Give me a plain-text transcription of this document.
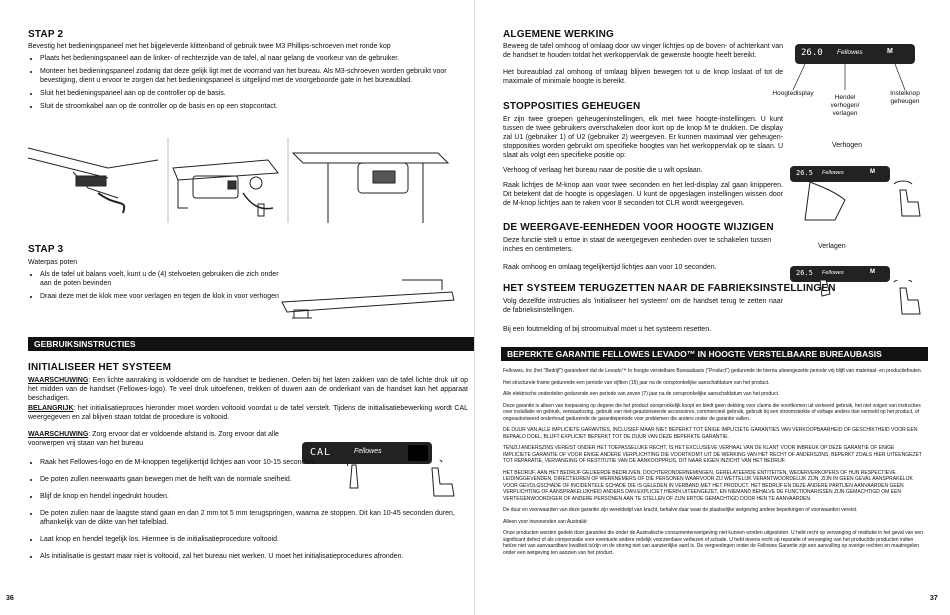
STAP 2
Bevestig het bedieningspaneel met het bijgeleverde klittenband of gebruik twee M3 Phillips-schroeven met ronde kop
• Plaats het bedieningspaneel aan de linker- of rechterzijde van de tafel, al naar gelang de voorkeur van de gebruiker.
• Monteer het bedieningspaneel zodanig dat deze gelijk ligt met de voorrand van het bureau. Als M3-schroeven worden gebruikt voor bevestiging, dient u ervoor te zorgen dat het bedieningspaneel is uitgelijnd met de voorgeboorde gate in het bureaublad.
• Sluit het bedieningspaneel aan op de controller op de basis.
• Sluit de stroomkabel aan op de controller op de basis en op een stopcontact.
STAP 3
Waterpas poten
• Als de tafel uit balans voelt, kunt u de (4) stelvoeten gebruiken die zich onder aan de poten bevinden
• Draai deze met de klok mee voor verlagen en tegen de klok in voor verhogen
GEBRUIKSINSTRUCTIES
INITIALISEER HET SYSTEEM
WAARSCHUWING: Een lichte aanraking is voldoende om de handset te bedienen. Oefen bij het laten zakken van de tafel lichte druk uit op het midden van de handset (Fellowes-logo). Te veel druk uitoefenen, trekken of duwen aan de onderkant van de handset kan het apparaat beschadigen.
BELANGRIJK: het initialisatieproces hieronder moet worden voltooid voordat u de tafel verstelt. Tijdens de initialisatiebewerking wordt CAL weergegeven en zal blijven staan totdat de procedure is voltooid.
WAARSCHUWING: Zorg ervoor dat er voldoende afstand is. Zorg ervoor dat alle voorwerpen vrij staan van het bureau
CAL	Fellowes
• Raak het Fellowes-logo en de M-knoppen tegelijkertijd lichtjes aan voor 10-15 seconden.
• De poten zullen neerwaarts gaan bewegen met de helft van de normale snelheid.
• Blijf de knop en hendel ingedrukt houden.
• De poten zullen naar de laagste stand gaan en dan 2 mm tot 5 mm terugspringen, waarna ze stoppen. Dit kan 10-45 seconden duren, afhankelijk van de dikte van het tafelblad.
• Laat knop en hendel tegelijk los. Hiermee is de initialisatieprocedure voltooid.
• Als initialisatie is gestart maar niet is voltooid, zal het bureau niet werken. U moet het initialisatieprocedures afronden.
36
ALGEMENE WERKING
Beweeg de tafel omhoog of omlaag door uw vinger lichtjes op de boven- of achterkant van de handset te houden totdat het werkoppervlak de gewenste hoogte heeft bereikt.
Het bureaublad zal omhoog of omlaag blijven bewegen tot u de knop loslaat of tot de maximale of minimale hoogte is bereikt.
26.0 Fellowes	M
Hoogtedisplay
Hendel verhogen/ verlagen
Instelknop geheugen
STOPPOSITIES GEHEUGEN
Er zijn twee groepen geheugeninstellingen, elk met twee hoogte-instellingen. U kunt tussen de twee gebruikers overschakelen door kort op de knop M te drukken. De display zal U1 (gebruiker 1) of U2 (gebruiker 2) weergeven. Er kunnen maximaal vier geheugen-stopposities worden gebruikt om specifieke hoogtes van het werkoppervlak op te slaan. U slaat als volgt een specifieke positie op:
Verhoog of verlaag het bureau naar de positie die u wilt opslaan.
Raak lichtjes de M-knop aan voor twee seconden en het led-display zal gaan knipperen. Dit betekent dat de hoogte is opgeslagen. U kunt de opgeslagen instellingen wissen door de M-knop lichtjes aan te raken voor 8 seconden tot CLR wordt weergegeven.
Verhogen
26.5 Fellowes	M
Verlagen
26.5 Fellowes	M
DE WEERGAVE-EENHEDEN VOOR HOOGTE WIJZIGEN
Deze functie stelt u ertoe in staat de weergegeven eenheden over te schakelen tussen inches en centimeters.
Raak omhoog en omlaag tegelijkertijd lichtjes aan voor 10 seconden.
HET SYSTEEM TERUGZETTEN NAAR DE FABRIEKSINSTELLINGEN
Volg dezelfde instructies als 'initialiseer het systeem' om de handset terug te zetten naar de fabrieksinstellingen.
Bij een foutmelding of bij stroomuitval moet u het systeem resetten.
BEPERKTE GARANTIE FELLOWES LEVADO™ IN HOOGTE VERSTELBAARE BUREAUBASIS

Fellowes, Inc (het "Bedrijf") garandeert dat de Levado™ In hoogte verstelbare Bureaubasis ("Product") gedurende de hierna uiteengezette periode vrij blijft van materiaal- en productiefouten.

Het structurele frame gedurende een periode van vijftien (15) jaar na de oorspronkelijke aanschafdatum van het product.

Alle elektrische onderdelen gedurende een periode van zeven (7) jaar na de oorspronkelijke aanschafdatum van het product.

Deze garantie is alleen van toepassing op degene die het product oorspronkelijk koopt en biedt geen dekking voor claims die voortkomen uit verkeerd gebruik, het niet volgen van instructies over installatie en gebruik, verwaarlozing, gebruik van niet-geautoriseerde accessoires, commercieel gebruik, gebruik bij een stroomsterkte of voltage anders dan vermeld op het product, of ongeautoriseerd onderhoud gedurende de garantieperiode voor problemen die anders onder de garantie vallen.

DE DUUR VAN ALLE IMPLICIETE GARANTIES, INCLUSIEF MAAR NIET BEPERKT TOT ENIGE IMPLICIETE GARANTIES VAN VERKOOPBAARHEID OF GESCHIKTHEID VOOR EEN BEPAALD DOEL, BLIJFT EXPLICIET BEPERKT TOT DE DUUR VAN DEZE BEPERKTE GARANTIE.

TENZIJ ANDERSZINS VEREIST ONDER HET TOEPASSELIJKE RECHT, IS HET EXCLUSIEVE VERHAAL VAN DE KLANT VOOR INBREUK OP DEZE GARANTIE OF ENIGE IMPLICIETE GARANTIE OF VOOR ENIGE ANDERE VERPLICHTING DIE VOORTKOMT UIT DE WERKING VAN HET RECHT OF ANDERSZINS, BEPERKT ZOALS HIER UITEENGEZET TOT REPARATIE, VERVANGING OF RESTITUTIE VAN DE AANKOOPPRIJS, DIT NAAR EIGEN INZICHT VAN HET BEDRIJF.

HET BEDRIJF, AAN HET BEDRIJF GELIEERDE BEDRIJVEN, DOCHTERONDERNEMINGEN, GERELATEERDE ENTITEITEN, WEDERVERKOPERS OF HUN RESPECTIEVE LEIDINGGEVENDEN, DIRECTEUREN OF WERKNEMERS OF DIE PERSONEN WAARVOOR ZIJ WETTELIJK VERANTWOORDELIJK ZIJN, ZIJN IN GEEN GEVAL AANSPRAKELIJK VOOR GEVOLGSCHADE OF INCIDENTELE SCHADE DIE IS GELEDEN IN VERBAND MET HET PRODUCT. HET BEDRIJF EN DEZE ANDERE PARTIJEN AANVAARDEN GEEN VERPLICHTING OF AANSPRAKELIJKHEID ANDERS DAN EXPLICIET HIERIN UITEENGEZET, EN NIEMAND BEHALVE DE FUNCTIONARISSEN ZIJN GEMACHTIGD OM EEN VERTEGENWOORDIGER OF ANDERE PERSONEN AAN TE STELLEN OF ZIJN ERTOE GEMACHTIGD DOOR HEN TE AANVAARDEN.

De duur en voorwaarden van deze garantie zijn wereldwijd van kracht, behalve daar waar de plaatselijke wetgeving andere beperkingen of voorwaarden vereist.

Alleen voor inwonenden van Australië:

Onze producten worden gedekt door garanties die onder de Australische consumentenwetgeving niet kunnen worden uitgesloten. U hebt recht op vervanging of restitutie in het geval van een significant defect of als compensatie voor eventuele andere redelijk voorzienbare verliezen of schade. U hebt tevens recht op reparatie of vervanging van het product/de producten indien het/ze niet van aanvaardbare kwaliteit is/zijn en de storing niet van aanzienlijke aard is. De vergoedingen onder de Fellowes Garantie zijn een aanvulling op overige rechten en maatregelen onder een wetgeving ten aanzien van het product.

37
